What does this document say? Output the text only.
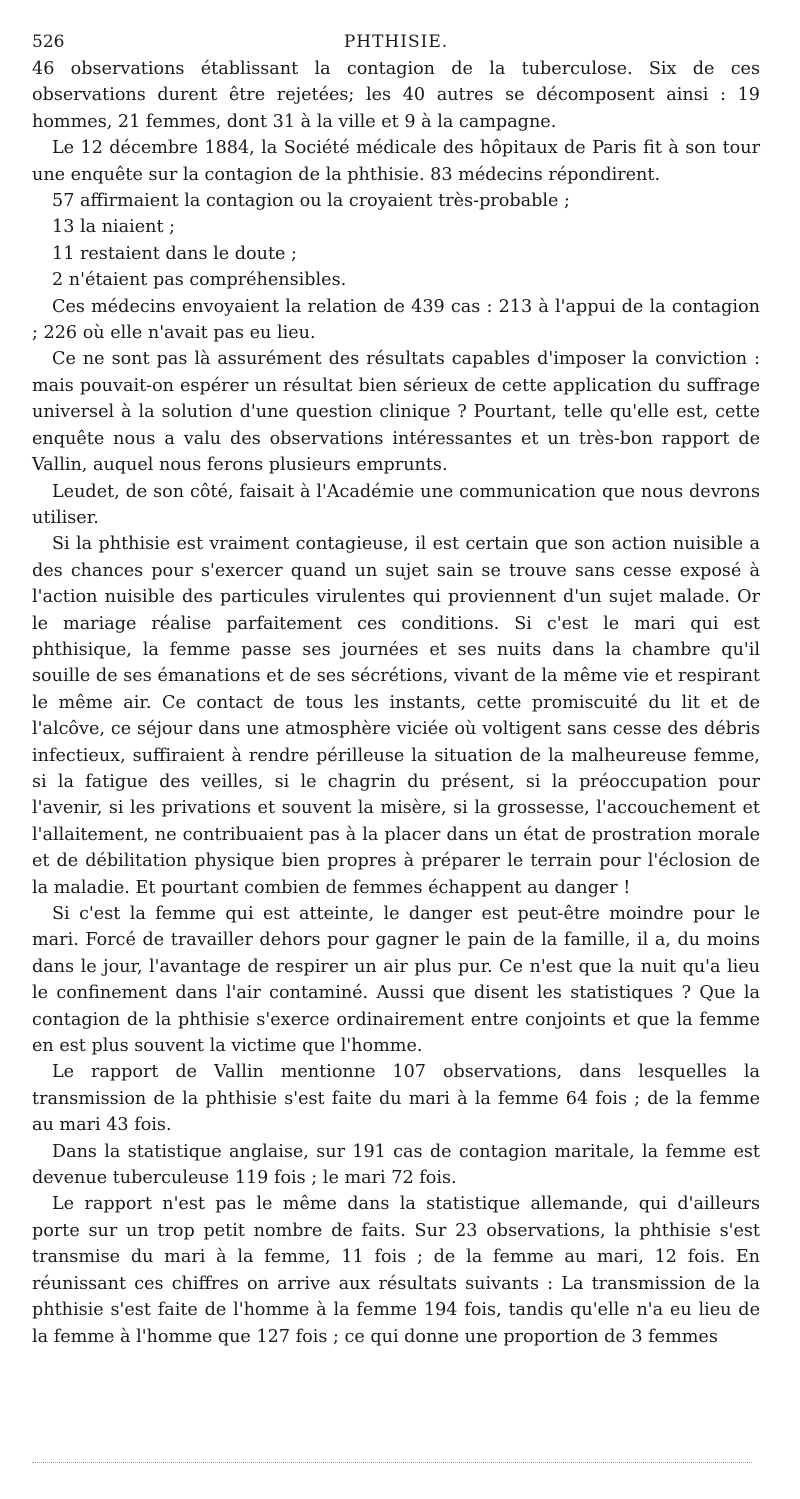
526	PHTHISIE.

46 observations établissant la contagion de la tuberculose. Six de ces observations durent être rejetées; les 40 autres se décomposent ainsi : 19 hommes, 21 femmes, dont 31 à la ville et 9 à la campagne.

Le 12 décembre 1884, la Société médicale des hôpitaux de Paris fit à son tour une enquête sur la contagion de la phthisie. 83 médecins répondirent.

57 affirmaient la contagion ou la croyaient très-probable ;

13 la niaient ;

11 restaient dans le doute ;

2 n'étaient pas compréhensibles.

Ces médecins envoyaient la relation de 439 cas : 213 à l'appui de la contagion ; 226 où elle n'avait pas eu lieu.

Ce ne sont pas là assurément des résultats capables d'imposer la conviction : mais pouvait-on espérer un résultat bien sérieux de cette application du suffrage universel à la solution d'une question clinique ? Pourtant, telle qu'elle est, cette enquête nous a valu des observations intéressantes et un très-bon rapport de Vallin, auquel nous ferons plusieurs emprunts.

Leudet, de son côté, faisait à l'Académie une communication que nous devrons utiliser.

Si la phthisie est vraiment contagieuse, il est certain que son action nuisible a des chances pour s'exercer quand un sujet sain se trouve sans cesse exposé à l'action nuisible des particules virulentes qui proviennent d'un sujet malade. Or le mariage réalise parfaitement ces conditions. Si c'est le mari qui est phthisique, la femme passe ses journées et ses nuits dans la chambre qu'il souille de ses émanations et de ses sécrétions, vivant de la même vie et respirant le même air. Ce contact de tous les instants, cette promiscuité du lit et de l'alcôve, ce séjour dans une atmosphère viciée où voltigent sans cesse des débris infectieux, suffiraient à rendre périlleuse la situation de la malheureuse femme, si la fatigue des veilles, si le chagrin du présent, si la préoccupation pour l'avenir, si les privations et souvent la misère, si la grossesse, l'accouchement et l'allaitement, ne contribuaient pas à la placer dans un état de prostration morale et de débilitation physique bien propres à préparer le terrain pour l'éclosion de la maladie. Et pourtant combien de femmes échappent au danger !

Si c'est la femme qui est atteinte, le danger est peut-être moindre pour le mari. Forcé de travailler dehors pour gagner le pain de la famille, il a, du moins dans le jour, l'avantage de respirer un air plus pur. Ce n'est que la nuit qu'a lieu le confinement dans l'air contaminé. Aussi que disent les statistiques ? Que la contagion de la phthisie s'exerce ordinairement entre conjoints et que la femme en est plus souvent la victime que l'homme.

Le rapport de Vallin mentionne 107 observations, dans lesquelles la transmission de la phthisie s'est faite du mari à la femme 64 fois ; de la femme au mari 43 fois.

Dans la statistique anglaise, sur 191 cas de contagion maritale, la femme est devenue tuberculeuse 119 fois ; le mari 72 fois.

Le rapport n'est pas le même dans la statistique allemande, qui d'ailleurs porte sur un trop petit nombre de faits. Sur 23 observations, la phthisie s'est transmise du mari à la femme, 11 fois ; de la femme au mari, 12 fois. En réunissant ces chiffres on arrive aux résultats suivants : La transmission de la phthisie s'est faite de l'homme à la femme 194 fois, tandis qu'elle n'a eu lieu de la femme à l'homme que 127 fois ; ce qui donne une proportion de 3 femmes
